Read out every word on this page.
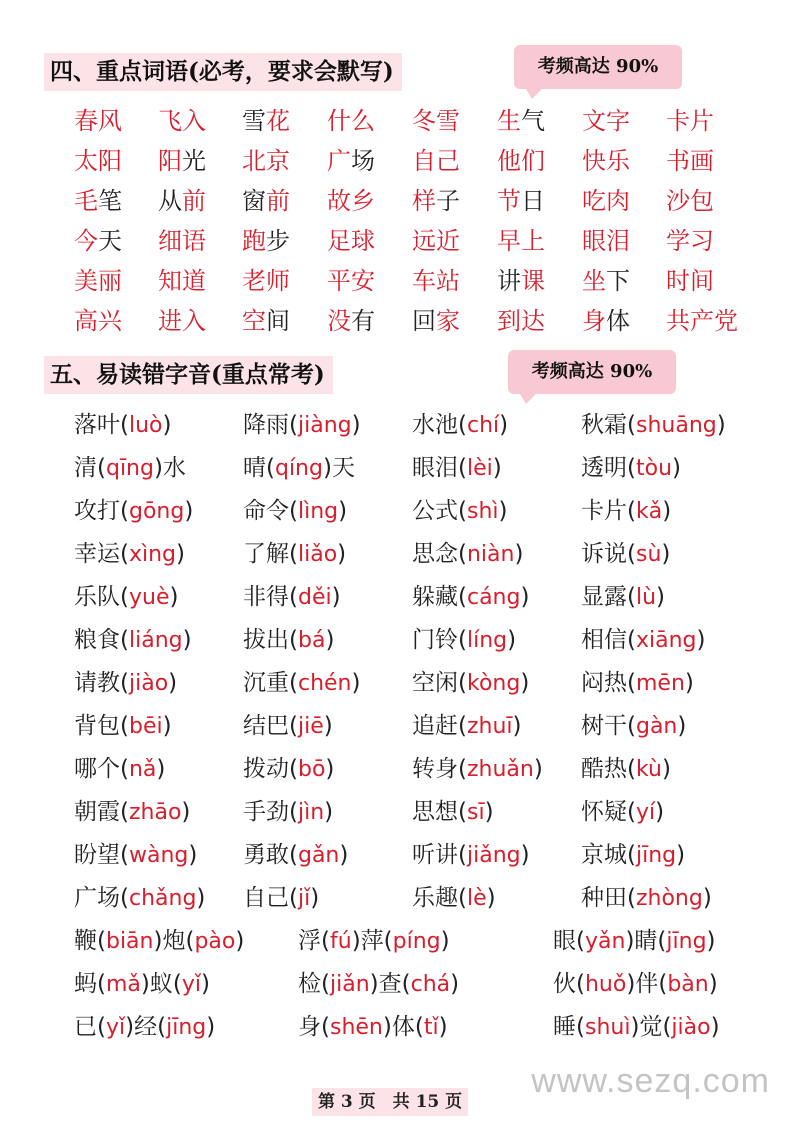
四、重点词语(必考，要求会默写)	考频高达 90%
春风 飞入 雪花 什么 冬雪 生气 文字 卡片
太阳 阳光 北京 广场 自己 他们 快乐 书画
毛笔 从前 窗前 故乡 样子 节日 吃肉 沙包
今天 细语 跑步 足球 远近 早上 眼泪 学习
美丽 知道 老师 平安 车站 讲课 坐下 时间
高兴 进入 空间 没有 回家 到达 身体 共产党
五、易读错字音(重点常考)	考频高达 90%
落叶(luò)	降雨(jiàng) 水池(chí)	秋霜(shuāng)
清(qīng)水 晴(qíng)天 眼泪(lèi)	透明(tòu)
攻打(gōng) 命令(lìng)	公式(shì)	卡片(kǎ)
幸运(xìng)	了解(liǎo)	思念(niàn)	诉说(sù)
乐队(yuè)	非得(děi)	躲藏(cáng) 显露(lù)
粮食(liáng) 拔出(bá)	门铃(líng)	相信(xiāng)
请教(jiào)	沉重(chén) 空闲(kòng) 闷热(mēn)
背包(bēi)	结巴(jiē)	追赶(zhuī)	树干(gàn)
哪个(nǎ)	拨动(bō)	转身(zhuǎn) 酷热(kù)
朝霞(zhāo) 手劲(jìn)	思想(sī)	怀疑(yí)
盼望(wàng) 勇敢(gǎn)	听讲(jiǎng) 京城(jīng)
广场(chǎng) 自己(jǐ)	乐趣(lè)	种田(zhòng)
鞭(biān)炮(pào) 浮(fú)萍(píng)	眼(yǎn)睛(jīng)
蚂(mǎ)蚁(yǐ)	检(jiǎn)查(chá)	伙(huǒ)伴(bàn)
已(yǐ)经(jīng)	身(shēn)体(tǐ)	睡(shuì)觉(jiào)
www.sezq.com
第 3 页　共 15 页
